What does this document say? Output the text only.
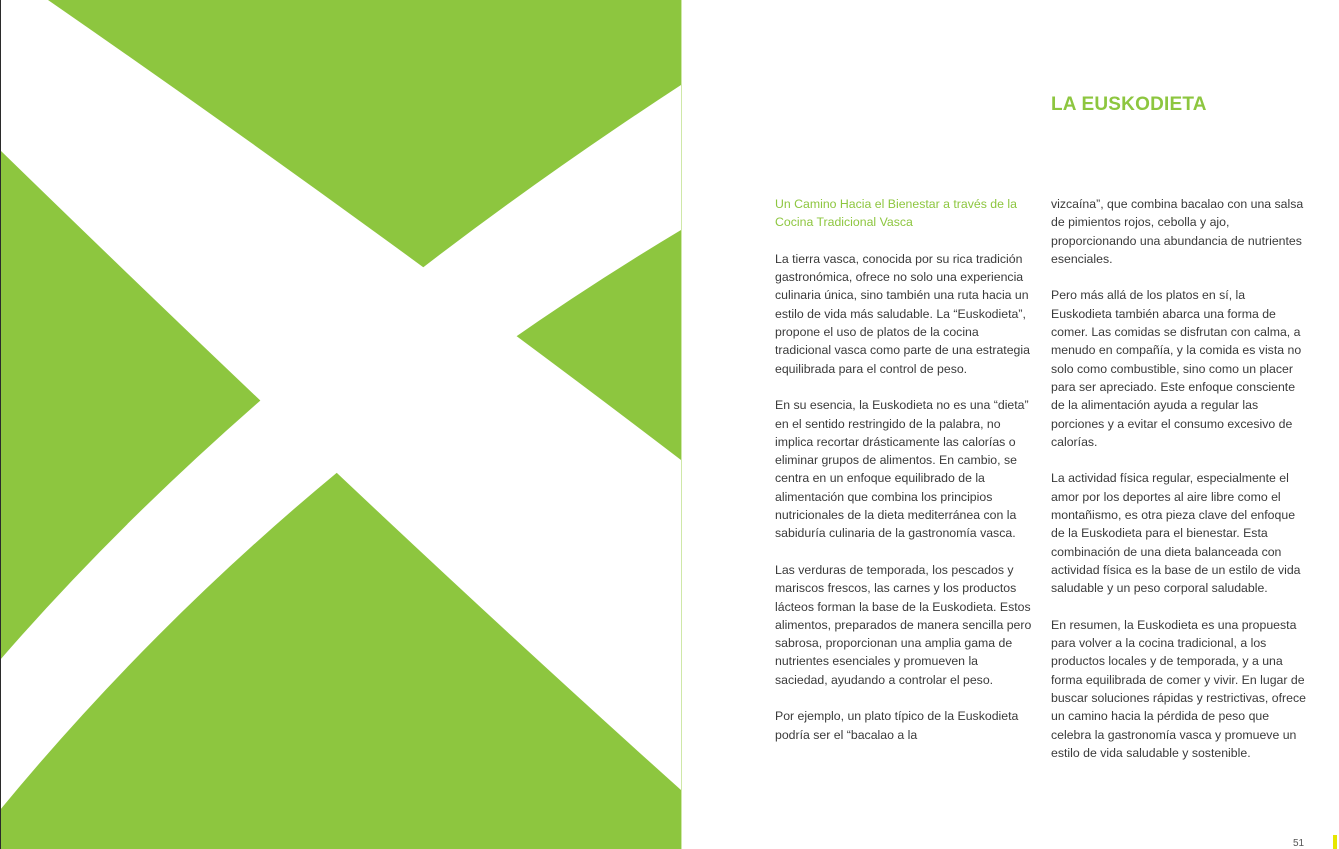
LA EUSKODIETA

Un Camino Hacia el Bienestar a través de la Cocina Tradicional Vasca

La tierra vasca, conocida por su rica tradición gastronómica, ofrece no solo una experiencia culinaria única, sino también una ruta hacia un estilo de vida más saludable. La “Euskodieta”, propone el uso de platos de la cocina tradicional vasca como parte de una estrategia equilibrada para el control de peso.

En su esencia, la Euskodieta no es una “dieta” en el sentido restringido de la palabra, no implica recortar drásticamente las calorías o eliminar grupos de alimentos. En cambio, se centra en un enfoque equilibrado de la alimentación que combina los principios nutricionales de la dieta mediterránea con la sabiduría culinaria de la gastronomía vasca.

Las verduras de temporada, los pescados y mariscos frescos, las carnes y los productos lácteos forman la base de la Euskodieta. Estos alimentos, preparados de manera sencilla pero sabrosa, proporcionan una amplia gama de nutrientes esenciales y promueven la saciedad, ayudando a controlar el peso.

Por ejemplo, un plato típico de la Euskodieta podría ser el “bacalao a la

vizcaína”, que combina bacalao con una salsa de pimientos rojos, cebolla y ajo, proporcionando una abundancia de nutrientes esenciales.

Pero más allá de los platos en sí, la Euskodieta también abarca una forma de comer. Las comidas se disfrutan con calma, a menudo en compañía, y la comida es vista no solo como combustible, sino como un placer para ser apreciado. Este enfoque consciente de la alimentación ayuda a regular las porciones y a evitar el consumo excesivo de calorías.

La actividad física regular, especialmente el amor por los deportes al aire libre como el montañismo, es otra pieza clave del enfoque de la Euskodieta para el bienestar. Esta combinación de una dieta balanceada con actividad física es la base de un estilo de vida saludable y un peso corporal saludable.

En resumen, la Euskodieta es una propuesta para volver a la cocina tradicional, a los productos locales y de temporada, y a una forma equilibrada de comer y vivir. En lugar de buscar soluciones rápidas y restrictivas, ofrece un camino hacia la pérdida de peso que celebra la gastronomía vasca y promueve un estilo de vida saludable y sostenible.

51
